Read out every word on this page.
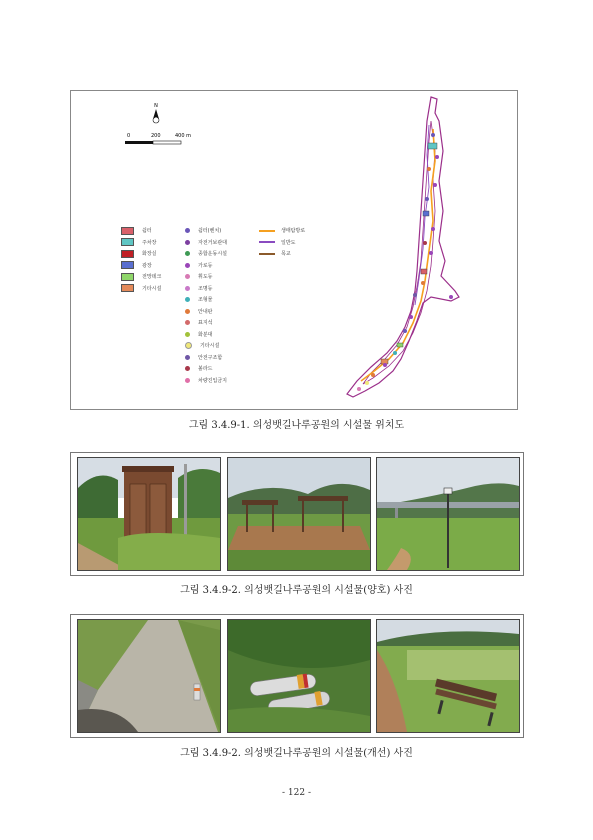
N
0	200	400 m
쉼터
주차장
화장실
광장
전망데크
기타시설
쉼터(벤치)
자전거보관대
종합운동시설
가로등
휘도등
조명등
조형물
안내판
표지석
화분대
기타시설
안전구조함
볼라드
차량진입금지
생태탐방로
일반도
목교
그림 3.4.9-1. 의성뱃길나루공원의 시설물 위치도
그림 3.4.9-2. 의성뱃길나루공원의 시설물(양호) 사진
그림 3.4.9-2. 의성뱃길나루공원의 시설물(개선) 사진
- 122 -
